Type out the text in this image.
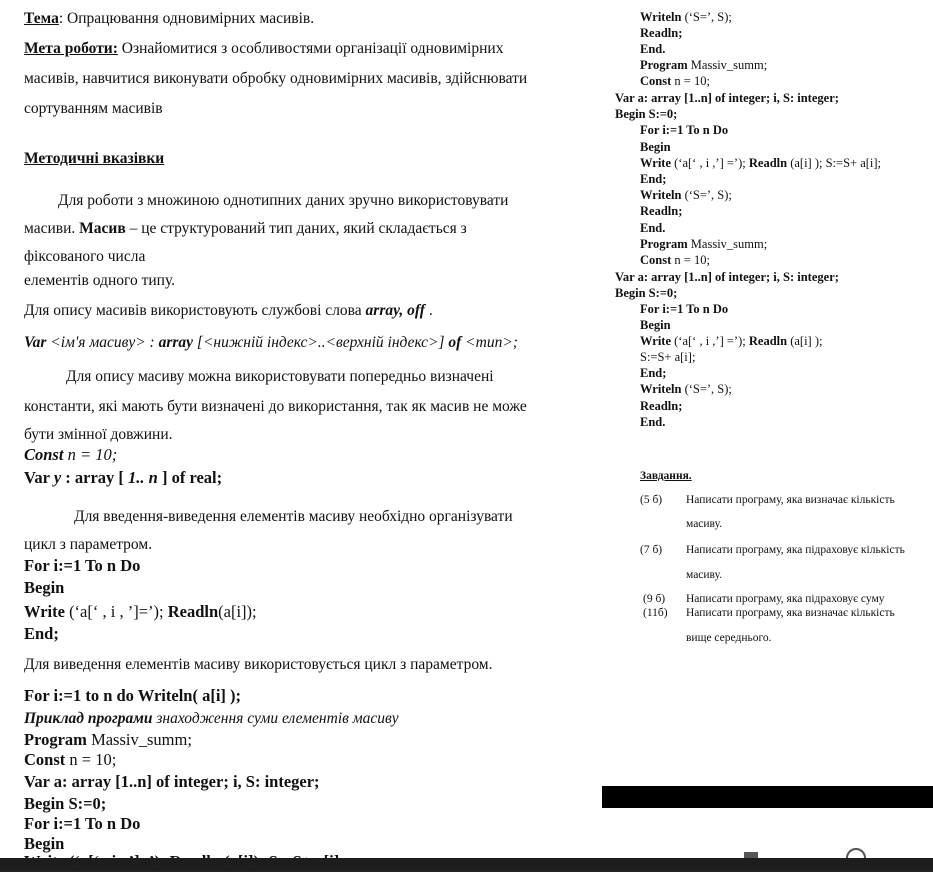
Тема: Опрацювання одновимірних масивів.
Мета роботи: Ознайомитися з особливостями організації одновимірних
масивів, навчитися виконувати обробку одновимірних масивів, здійснювати
сортуванням масивів
Методичні вказівки
Для роботи з множиною однотипних даних зручно використовувати
масиви. Масив – це структурований тип даних, який складається з
фіксованого числа
елементів одного типу.
Для опису масивів використовують службові слова array, off .
Var <ім'я масиву> : array [<нижній індекс>..<верхній індекс>] of <тип>;
Для опису масиву можна використовувати попередньо визначені
константи, які мають бути визначені до використання, так як масив не може
бути змінної довжини.
Const n = 10;
Var y : array [ 1.. n ] of real;
Для введення-виведення елементів масиву необхідно організувати
цикл з параметром.
For i:=1 To n Do
Begin
Write (‘a[‘ , i , ’]=’); Readln(a[i]);
End;
Для виведення елементів масиву використовується цикл з параметром.
For i:=1 to n do Writeln( a[i] );
Приклад програми знаходження суми елементів масиву
Program Massiv_summ;
Const n = 10;
Var a: array [1..n] of integer; i, S: integer;
Begin S:=0;
For i:=1 To n Do
Begin
Writeln (‘S=’, S);
Readln;
End.
Program Massiv_summ;
Const n = 10;
Var a: array [1..n] of integer; i, S: integer;
Begin S:=0;
For i:=1 To n Do
Begin
Write (‘a[‘ , i ,’] =’); Readln (a[i] ); S:=S+ a[i];
End;
Writeln (‘S=’, S);
Readln;
End.
Program Massiv_summ;
Const n = 10;
Var a: array [1..n] of integer; i, S: integer;
Begin S:=0;
For i:=1 To n Do
Begin
Write (‘a[‘ , i ,’] =’); Readln (a[i] );
S:=S+ a[i];
End;
Writeln (‘S=’, S);
Readln;
End.
Завдання.
(5 б) Написати програму, яка визначає кількість
масиву.
(7 б) Написати програму, яка підраховує кількість
масиву.
(9 б) Написати програму, яка підраховує суму
(11б) Написати програму, яка визначає кількість
вище середнього.
